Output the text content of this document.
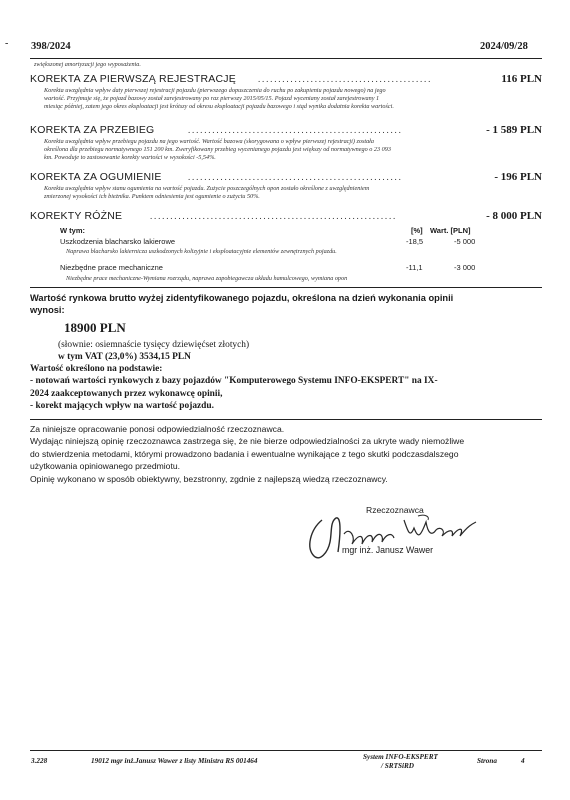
- 398/2024	2024/09/28
zwiększonej amortyzacji jego wyposażenia.
KOREKTA ZA PIERWSZĄ REJESTRACJĘ ...........................................	116 PLN
Korekta uwzględnia wpływ daty pierwszej rejestracji pojazdu (pierwszego dopuszczenia do ruchu po zakupieniu pojazdu nowego) na jego
wartość. Przyjmuje się, że pojazd bazowy został zarejestrowany po raz pierwszy 2015/05/15. Pojazd wyceniany został zarejestrowany 1
miesiąc później, zatem jego okres eksploatacji jest krótszy od okresu eksploatacji pojazdu bazowego i stąd wynika dodatnia korekta wartości.
KOREKTA ZA PRZEBIEG	.....................................................	- 1 589 PLN
Korekta uwzględnia wpływ przebiegu pojazdu na jego wartość. Wartość bazowa (skorygowana o wpływ pierwszej rejestracji) została
określona dla przebiegu normatywnego 151 200 km. Zweryfikowany przebieg wycenianego pojazdu jest większy od normatywnego o 23 093
km. Powoduje to zastosowanie korekty wartości w wysokości -5,54%.
KOREKTA ZA OGUMIENIE	.....................................................	- 196 PLN
Korekta uwzględnia wpływ stanu ogumienia na wartość pojazdu. Zużycie poszczególnych opon zostało określone z uwzględnieniem
zmierzonej wysokości ich bieżnika. Punktem odniesienia jest ogumienie o zużyciu 50%.
KOREKTY RÓŻNE	.............................................................	- 8 000 PLN
W tym:	[%] Wart. [PLN]
Uszkodzenia blacharsko lakierowe	-18,5	-5 000
Naprawa blacharsko lakiernicza uszkodzonych kolizyjnie i eksploatacyjnie elementów zewnętrznych pojazdu.
Niezbędne prace mechaniczne	-11,1	-3 000
Niezbędne prace mechaniczne-Wymiana rozrządu, naprawa zapobiegawcza układu hamulcowego, wymiana opon
Wartość rynkowa brutto wyżej zidentyfikowanego pojazdu, określona na dzień wykonania opinii
wynosi:
18900 PLN
(słownie: osiemnaście tysięcy dziewięćset złotych)
w tym VAT (23,0%) 3534,15 PLN
Wartość określono na podstawie:
- notowań wartości rynkowych z bazy pojazdów "Komputerowego Systemu INFO-EKSPERT" na IX-
2024 zaakceptowanych przez wykonawcę opinii,
- korekt mających wpływ na wartość pojazdu.
Za niniejsze opracowanie ponosi odpowiedzialność rzeczoznawca.
Wydając niniejszą opinię rzeczoznawca zastrzega się, że nie bierze odpowiedzialności za ukryte wady niemożliwe
do stwierdzenia metodami, którymi prowadzono badania i ewentualne wynikające z tego skutki podczasdalszego
użytkowania opiniowanego przedmiotu.
Opinię wykonano w sposób obiektywny, bezstronny, zgdnie z najlepszą wiedzą rzeczoznawcy.
Rzeczoznawca
mgr inż. Janusz Wawer
3.228	19012 mgr inż.Janusz Wawer z listy Ministra RS 001464	System INFO-EKSPERT
/ SRTSiRD
Strona	4
